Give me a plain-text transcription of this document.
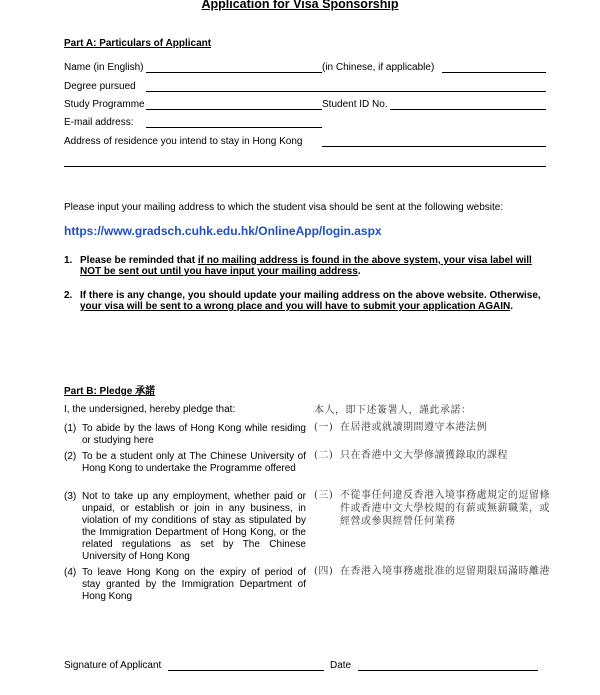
Application for Visa Sponsorship
Part A: Particulars of Applicant
Name (in English)	(in Chinese, if applicable)
Degree pursued
Study Programme	Student ID No.
E-mail address:
Address of residence you intend to stay in Hong Kong
Please input your mailing address to which the student visa should be sent at the following website:
https://www.gradsch.cuhk.edu.hk/OnlineApp/login.aspx
1. Please be reminded that if no mailing address is found in the above system, your visa label will NOT be sent out until you have input your mailing address.
2. If there is any change, you should update your mailing address on the above website. Otherwise, your visa will be sent to a wrong place and you will have to submit your application AGAIN.
Part B: Pledge 承諾
I, the undersigned, hereby pledge that:	本人，即下述簽署人，謹此承諾：
(1) To abide by the laws of Hong Kong while residing or studying here
(一) 在居港或就讀期間遵守本港法例
(2) To be a student only at The Chinese University of Hong Kong to undertake the Programme offered
(二) 只在香港中文大學修讀獲錄取的課程
(3) Not to take up any employment, whether paid or unpaid, or establish or join in any business, in violation of my conditions of stay as stipulated by the Immigration Department of Hong Kong, or the related regulations as set by The Chinese University of Hong Kong
(三) 不從事任何違反香港入境事務處規定的逗留條件或香港中文大學校規的有薪或無薪職業，或經營或參與經營任何業務
(4) To leave Hong Kong on the expiry of period of stay granted by the Immigration Department of Hong Kong
(四) 在香港入境事務處批准的逗留期限屆滿時離港
Signature of Applicant	Date
